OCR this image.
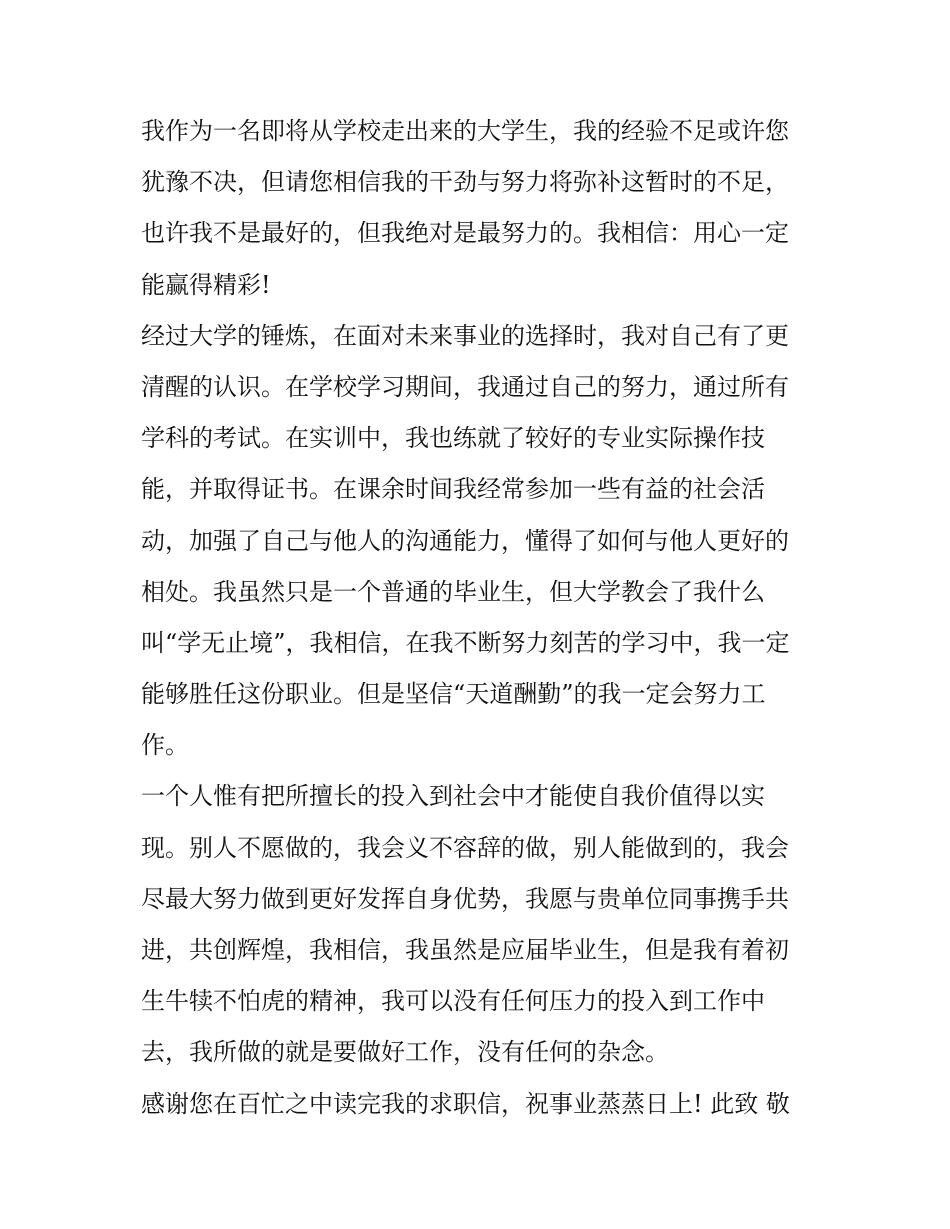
我作为一名即将从学校走出来的大学生，我的经验不足或许您
犹豫不决，但请您相信我的干劲与努力将弥补这暂时的不足，
也许我不是最好的，但我绝对是最努力的。我相信：用心一定
能赢得精彩!
经过大学的锤炼，在面对未来事业的选择时，我对自己有了更
清醒的认识。在学校学习期间，我通过自己的努力，通过所有
学科的考试。在实训中，我也练就了较好的专业实际操作技
能，并取得证书。在课余时间我经常参加一些有益的社会活
动，加强了自己与他人的沟通能力，懂得了如何与他人更好的
相处。我虽然只是一个普通的毕业生，但大学教会了我什么
叫“学无止境”，我相信，在我不断努力刻苦的学习中，我一定
能够胜任这份职业。但是坚信“天道酬勤”的我一定会努力工
作。
一个人惟有把所擅长的投入到社会中才能使自我价值得以实
现。别人不愿做的，我会义不容辞的做，别人能做到的，我会
尽最大努力做到更好发挥自身优势，我愿与贵单位同事携手共
进，共创辉煌，我相信，我虽然是应届毕业生，但是我有着初
生牛犊不怕虎的精神，我可以没有任何压力的投入到工作中
去，我所做的就是要做好工作，没有任何的杂念。
感谢您在百忙之中读完我的求职信，祝事业蒸蒸日上! 此致 敬
